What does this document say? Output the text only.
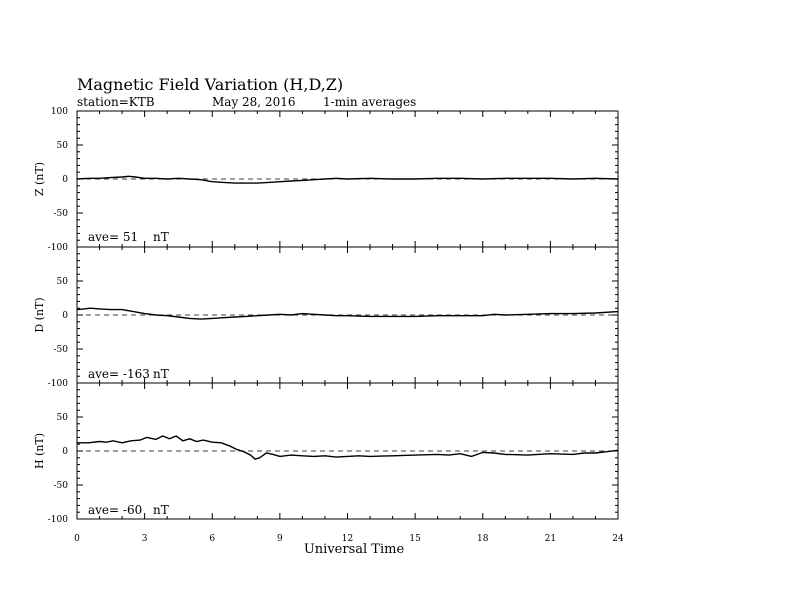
Magnetic Field Variation (H,D,Z)
station=KTB	May 28, 2016 1-min averages
Z (nT)
ave= 51 nT
100
50
0
-50
-100
D (nT)
ave= -163 nT
50
0
-50
-100
H (nT)
ave= -60 nT
50
0
-50
-100
0	3	6	9	12	15	18	21	24
Universal Time
